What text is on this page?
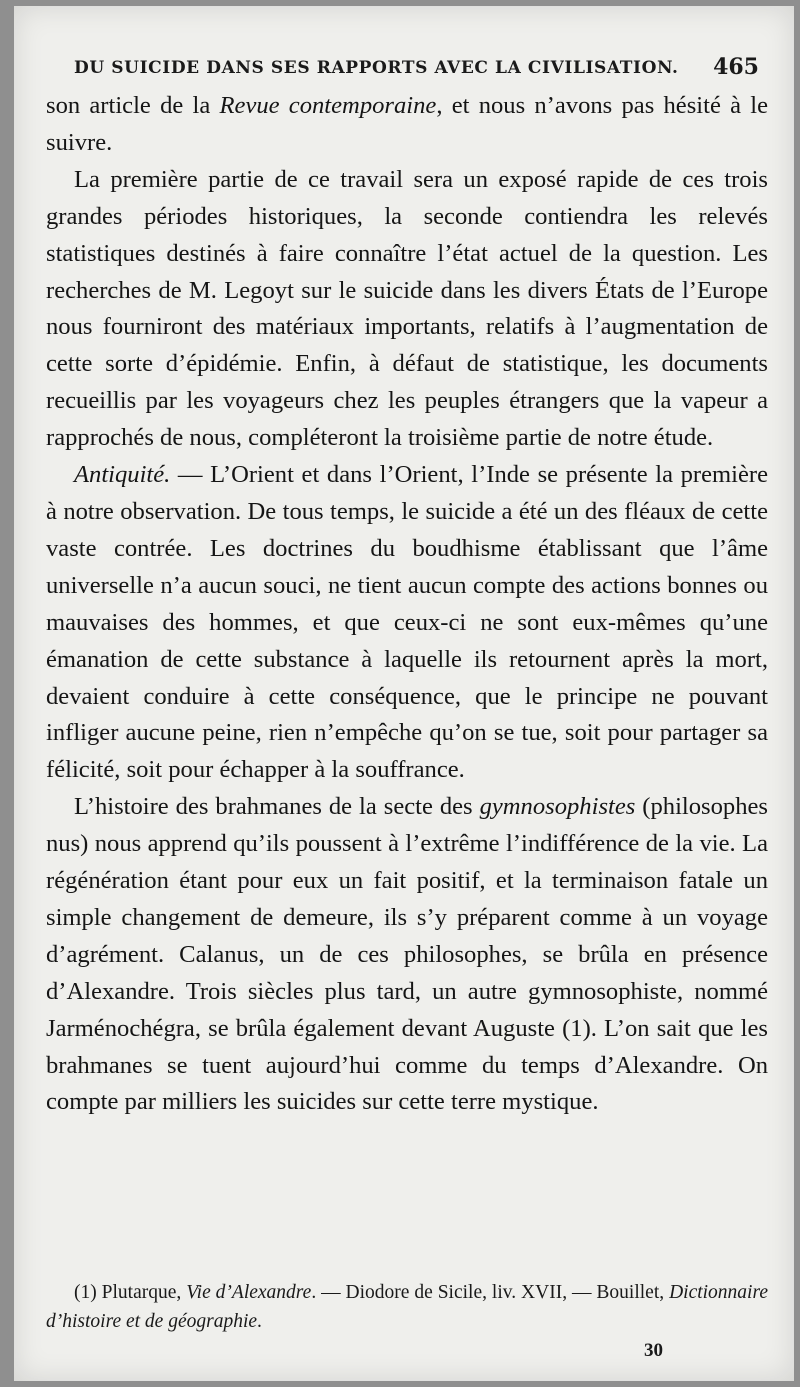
DU SUICIDE DANS SES RAPPORTS AVEC LA CIVILISATION. 465

son article de la Revue contemporaine, et nous n’avons pas hésité à le suivre.

La première partie de ce travail sera un exposé rapide de ces trois grandes périodes historiques, la seconde contiendra les relevés statistiques destinés à faire connaître l’état actuel de la question. Les recherches de M. Legoyt sur le suicide dans les divers États de l’Europe nous fourniront des matériaux importants, relatifs à l’augmentation de cette sorte d’épidémie. Enfin, à défaut de statistique, les documents recueillis par les voyageurs chez les peuples étrangers que la vapeur a rapprochés de nous, compléteront la troisième partie de notre étude.

Antiquité. — L’Orient et dans l’Orient, l’Inde se présente la première à notre observation. De tous temps, le suicide a été un des fléaux de cette vaste contrée. Les doctrines du boudhisme établissant que l’âme universelle n’a aucun souci, ne tient aucun compte des actions bonnes ou mauvaises des hommes, et que ceux-ci ne sont eux-mêmes qu’une émanation de cette substance à laquelle ils retournent après la mort, devaient conduire à cette conséquence, que le principe ne pouvant infliger aucune peine, rien n’empêche qu’on se tue, soit pour partager sa félicité, soit pour échapper à la souffrance.

L’histoire des brahmanes de la secte des gymnosophistes (philosophes nus) nous apprend qu’ils poussent à l’extrême l’indifférence de la vie. La régénération étant pour eux un fait positif, et la terminaison fatale un simple changement de demeure, ils s’y préparent comme à un voyage d’agrément. Calanus, un de ces philosophes, se brûla en présence d’Alexandre. Trois siècles plus tard, un autre gymnosophiste, nommé Jarménochégra, se brûla également devant Auguste (1). L’on sait que les brahmanes se tuent aujourd’hui comme du temps d’Alexandre. On compte par milliers les suicides sur cette terre mystique.

(1) Plutarque, Vie d’Alexandre. — Diodore de Sicile, liv. XVII, — Bouillet, Dictionnaire d’histoire et de géographie.

30
